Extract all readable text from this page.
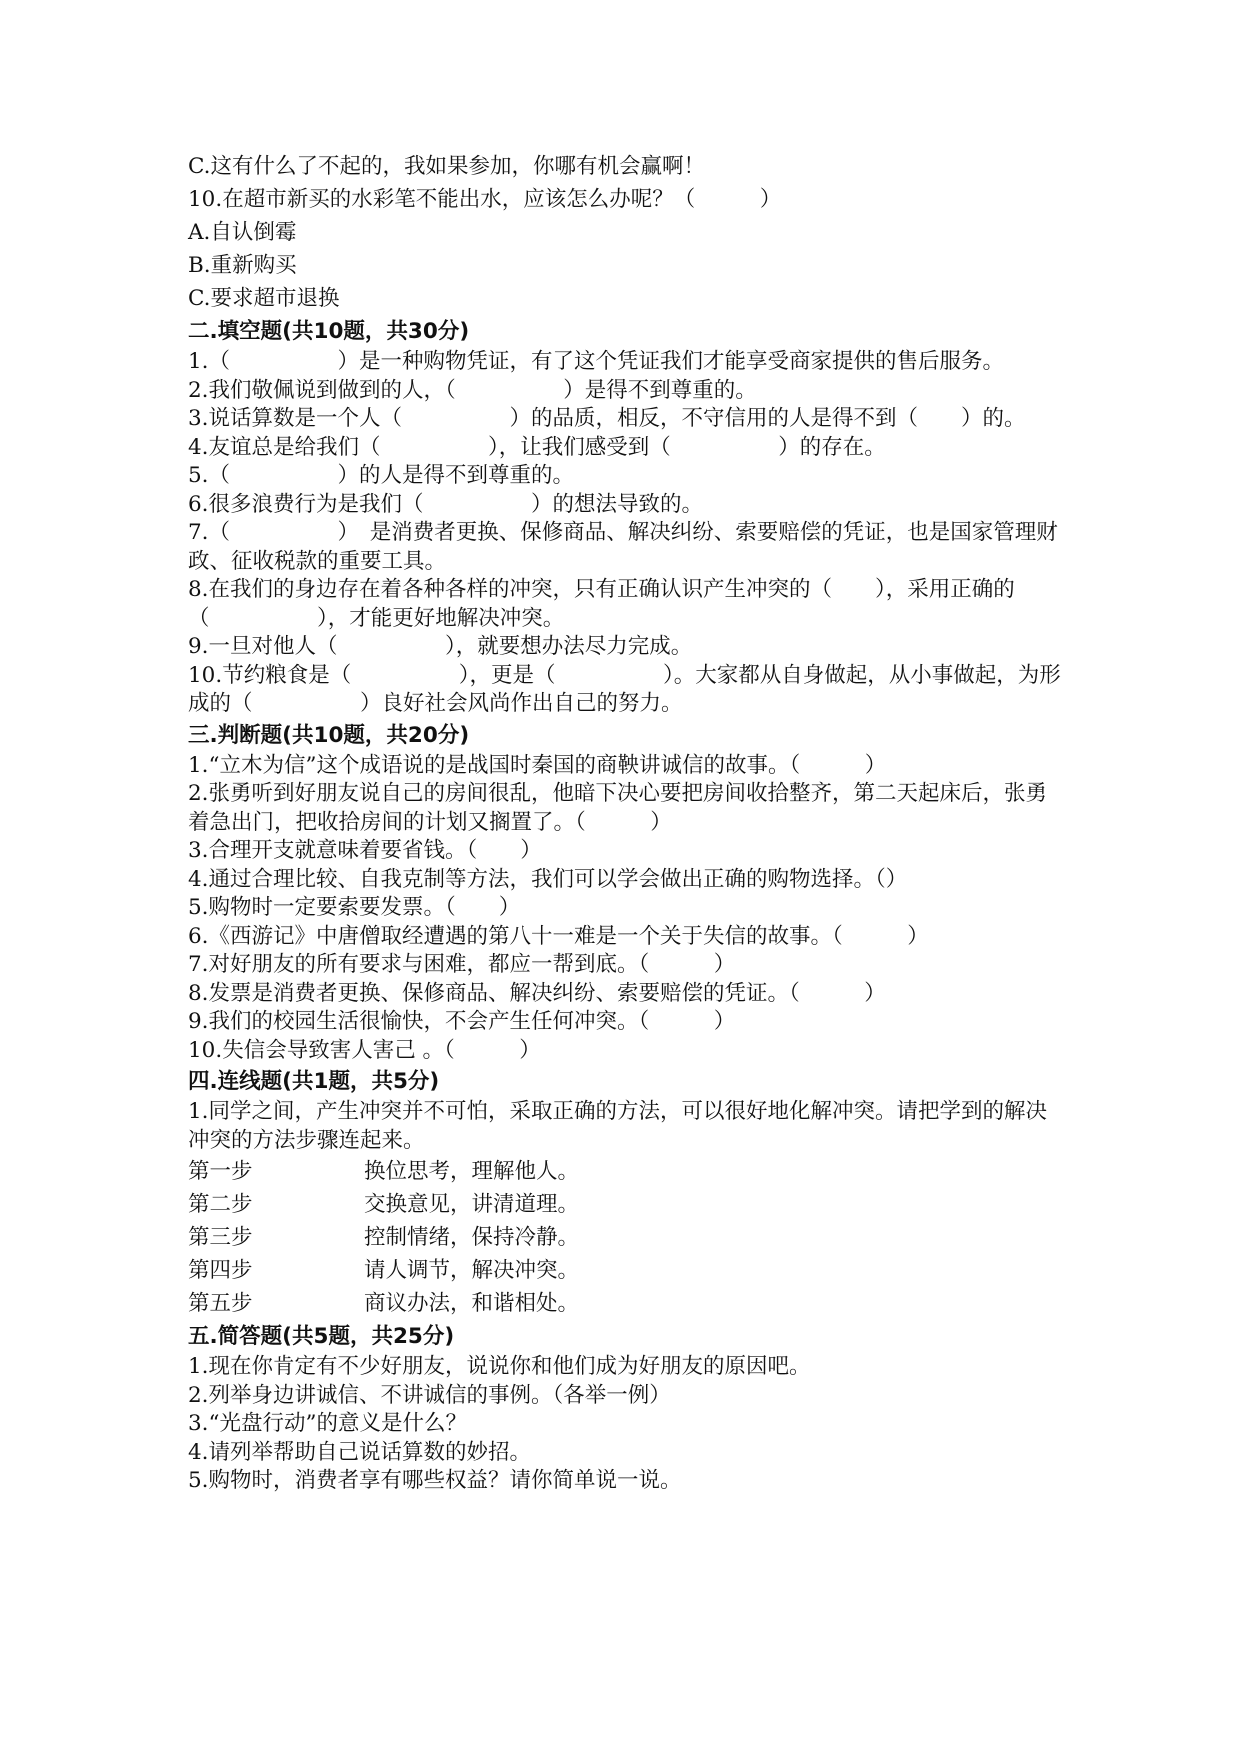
C.这有什么了不起的，我如果参加，你哪有机会赢啊！
10.在超市新买的水彩笔不能出水，应该怎么办呢？（　　　）
A.自认倒霉
B.重新购买
C.要求超市退换
二.填空题(共10题，共30分)
1.（　　　　　）是一种购物凭证，有了这个凭证我们才能享受商家提供的售后服务。
2.我们敬佩说到做到的人，（　　　　　）是得不到尊重的。
3.说话算数是一个人（　　　　　）的品质，相反，不守信用的人是得不到（　　）的。
4.友谊总是给我们（　　　　　），让我们感受到（　　　　　）的存在。
5.（　　　　　）的人是得不到尊重的。
6.很多浪费行为是我们（　　　　　）的想法导致的。
7.（　　　　　）　是消费者更换、保修商品、解决纠纷、索要赔偿的凭证，也是国家管理财政、征收税款的重要工具。
8.在我们的身边存在着各种各样的冲突，只有正确认识产生冲突的（　　），采用正确的（　　　　　），才能更好地解决冲突。
9.一旦对他人（　　　　　），就要想办法尽力完成。
10.节约粮食是（　　　　　），更是（　　　　　）。大家都从自身做起，从小事做起，为形成的（　　　　　）良好社会风尚作出自己的努力。
三.判断题(共10题，共20分)
1.“立木为信”这个成语说的是战国时秦国的商鞅讲诚信的故事。（　　　）
2.张勇听到好朋友说自己的房间很乱，他暗下决心要把房间收拾整齐，第二天起床后，张勇着急出门，把收拾房间的计划又搁置了。（　　　）
3.合理开支就意味着要省钱。（　　）
4.通过合理比较、自我克制等方法，我们可以学会做出正确的购物选择。（）
5.购物时一定要索要发票。（　　）
6.《西游记》中唐僧取经遭遇的第八十一难是一个关于失信的故事。（　　　）
7.对好朋友的所有要求与困难，都应一帮到底。（　　　）
8.发票是消费者更换、保修商品、解决纠纷、索要赔偿的凭证。（　　　）
9.我们的校园生活很愉快，不会产生任何冲突。（　　　）
10.失信会导致害人害己 。（　　　）
四.连线题(共1题，共5分)
1.同学之间，产生冲突并不可怕，采取正确的方法，可以很好地化解冲突。请把学到的解决冲突的方法步骤连起来。
第一步	换位思考，理解他人。
第二步	交换意见，讲清道理。
第三步	控制情绪，保持冷静。
第四步	请人调节，解决冲突。
第五步	商议办法，和谐相处。
五.简答题(共5题，共25分)
1.现在你肯定有不少好朋友，说说你和他们成为好朋友的原因吧。
2.列举身边讲诚信、不讲诚信的事例。（各举一例）
3.“光盘行动”的意义是什么？
4.请列举帮助自己说话算数的妙招。
5.购物时，消费者享有哪些权益？请你简单说一说。
